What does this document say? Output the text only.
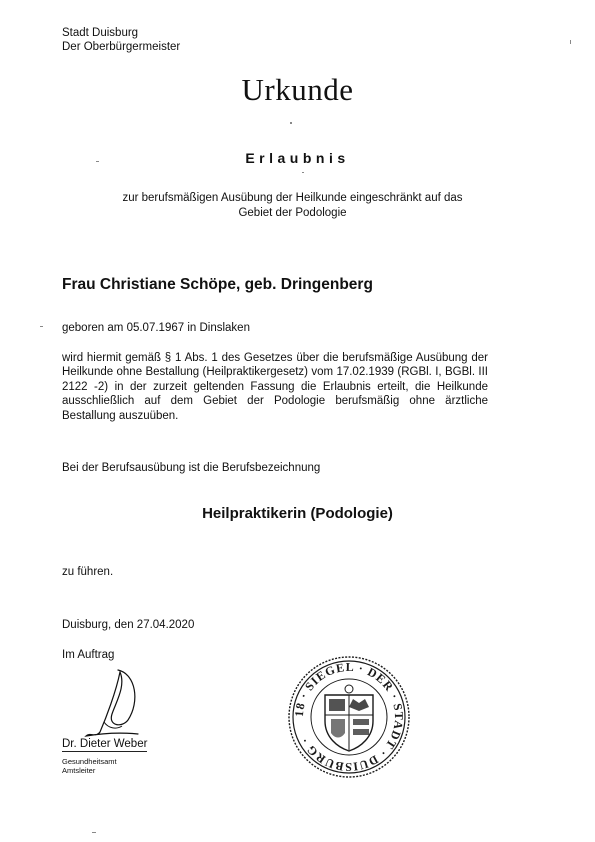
Stadt Duisburg
Der Oberbürgermeister
Urkunde
Erlaubnis
zur berufsmäßigen Ausübung der Heilkunde eingeschränkt auf das
Gebiet der Podologie
Frau Christiane Schöpe, geb. Dringenberg
geboren am 05.07.1967 in Dinslaken
wird hiermit gemäß § 1 Abs. 1 des Gesetzes über die berufsmäßige Ausübung der Heilkunde ohne Bestallung (Heilpraktikergesetz) vom 17.02.1939 (RGBl. I, BGBl. III 2122 -2) in der zurzeit geltenden Fassung die Erlaubnis erteilt, die Heilkunde ausschließlich auf dem Gebiet der Podologie berufsmäßig ohne ärztliche Bestallung auszuüben.
Bei der Berufsausübung ist die Berufsbezeichnung
Heilpraktikerin (Podologie)
zu führen.
Duisburg, den 27.04.2020
Im Auftrag
Dr. Dieter Weber
Gesundheitsamt
Amtsleiter
18 · SIEGEL · DER · STADT · DUISBURG ·
